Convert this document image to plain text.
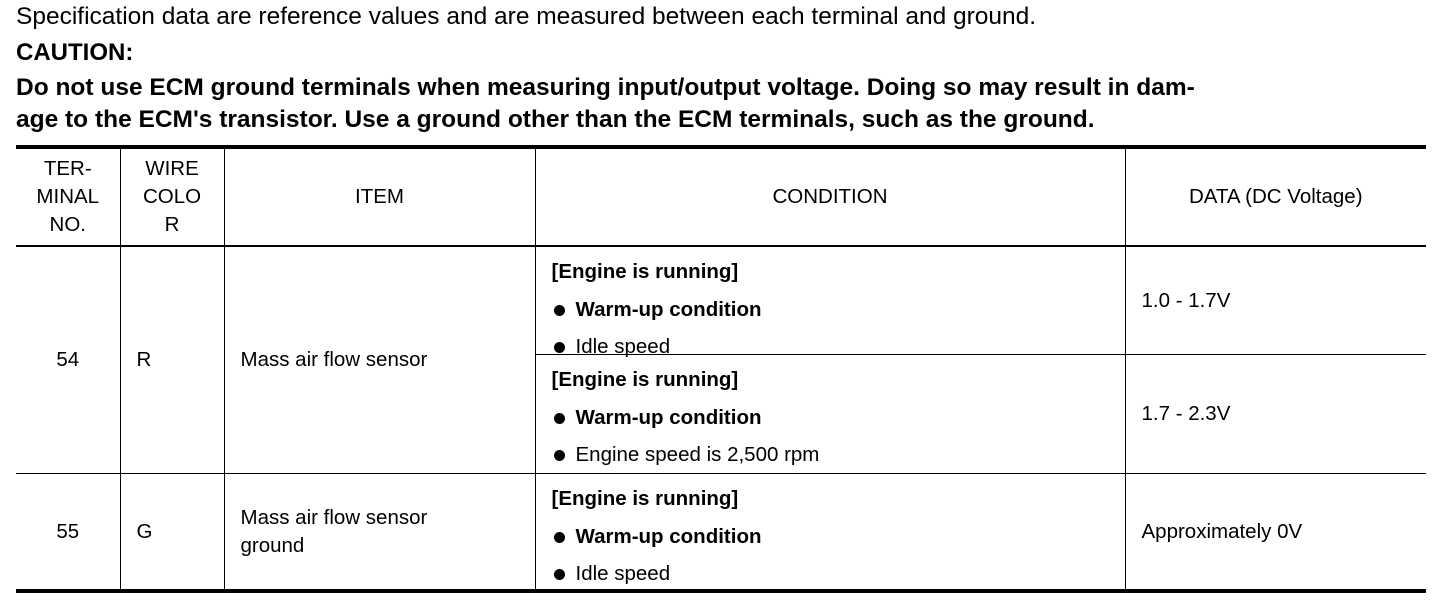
Specification data are reference values and are measured between each terminal and ground.
CAUTION:
Do not use ECM ground terminals when measuring input/output voltage. Doing so may result in dam-
age to the ECM's transistor. Use a ground other than the ECM terminals, such as the ground.
TER-
MINAL
NO.	WIRE
COLO
R	ITEM	CONDITION	DATA (DC Voltage)
54	R	Mass air flow sensor	[Engine is running]
Warm-up condition
Idle speed	1.0 - 1.7V

			[Engine is running]
Warm-up condition
Engine speed is 2,500 rpm	1.7 - 2.3V
55	G	Mass air flow sensor
ground	[Engine is running]
Warm-up condition
Idle speed	Approximately 0V
